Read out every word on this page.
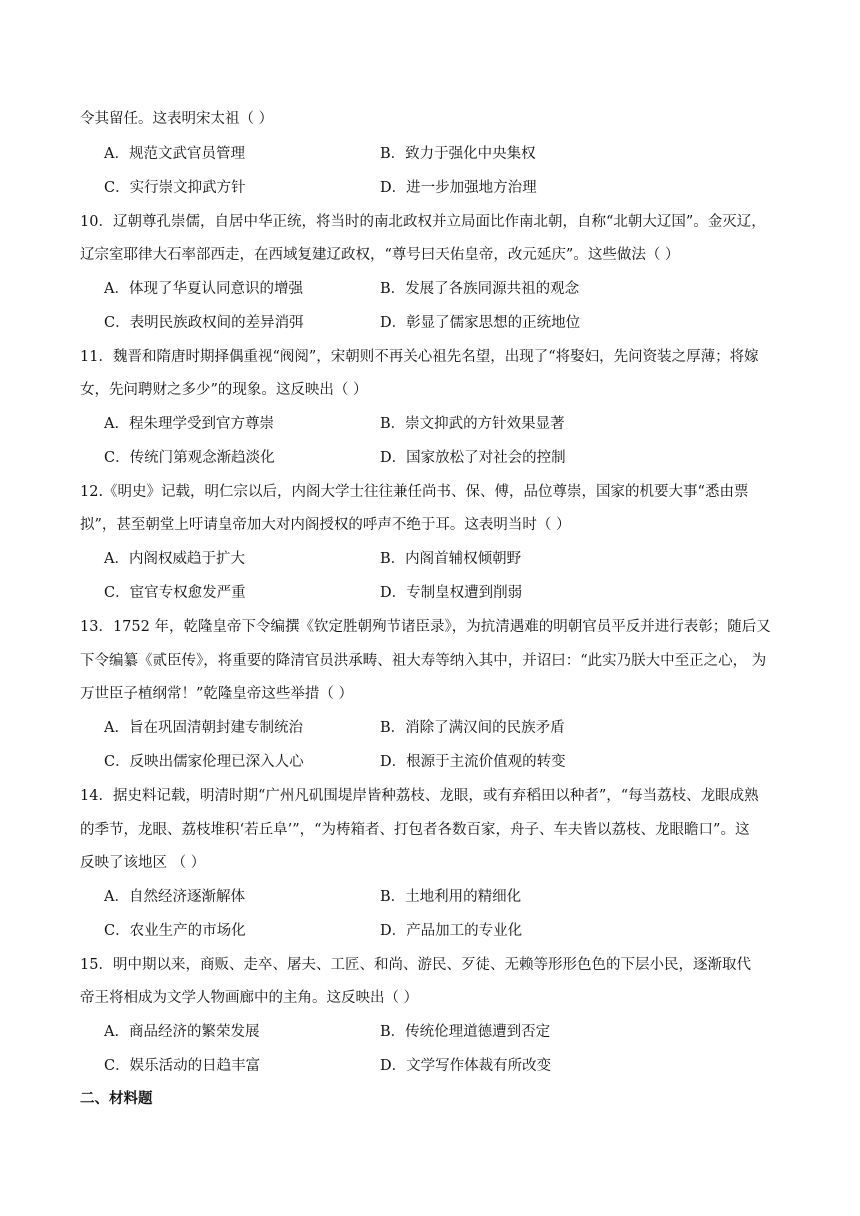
令其留任。这表明宋太祖（ ）
A．规范文武官员管理	B．致力于强化中央集权
C．实行崇文抑武方针	D．进一步加强地方治理
10．辽朝尊孔崇儒，自居中华正统，将当时的南北政权并立局面比作南北朝，自称“北朝大辽国”。金灭辽，
辽宗室耶律大石率部西走，在西域复建辽政权，“尊号曰天佑皇帝，改元延庆”。这些做法（ ）
A．体现了华夏认同意识的增强	B．发展了各族同源共祖的观念
C．表明民族政权间的差异消弭	D．彰显了儒家思想的正统地位
11．魏晋和隋唐时期择偶重视“阀阅”，宋朝则不再关心祖先名望，出现了“将娶妇，先问资装之厚薄；将嫁
女，先问聘财之多少”的现象。这反映出（ ）
A．程朱理学受到官方尊崇	B．崇文抑武的方针效果显著
C．传统门第观念渐趋淡化	D．国家放松了对社会的控制
12.《明史》记载，明仁宗以后，内阁大学士往往兼任尚书、保、傅，品位尊崇，国家的机要大事“悉由票
拟”，甚至朝堂上吁请皇帝加大对内阁授权的呼声不绝于耳。这表明当时（ ）
A．内阁权威趋于扩大	B．内阁首辅权倾朝野
C．宦官专权愈发严重	D．专制皇权遭到削弱
13．1752 年，乾隆皇帝下令编撰《钦定胜朝殉节诸臣录》，为抗清遇难的明朝官员平反并进行表彰；随后又
下令编纂《贰臣传》，将重要的降清官员洪承畴、祖大寿等纳入其中，并诏曰：“此实乃朕大中至正之心， 为
万世臣子植纲常！”乾隆皇帝这些举措（ ）
A．旨在巩固清朝封建专制统治	B．消除了满汉间的民族矛盾
C．反映出儒家伦理已深入人心	D．根源于主流价值观的转变
14．据史料记载，明清时期“广州凡矶围堤岸皆种荔枝、龙眼，或有弃稻田以种者”，“每当荔枝、龙眼成熟
的季节，龙眼、荔枝堆积‘若丘阜’”，“为梼箱者、打包者各数百家，舟子、车夫皆以荔枝、龙眼瞻口”。这
反映了该地区 （ ）
A．自然经济逐渐解体	B．土地利用的精细化
C．农业生产的市场化	D．产品加工的专业化
15．明中期以来，商贩、走卒、屠夫、工匠、和尚、游民、歹徒、无赖等形形色色的下层小民，逐渐取代
帝王将相成为文学人物画廊中的主角。这反映出（ ）
A．商品经济的繁荣发展	B．传统伦理道德遭到否定
C．娱乐活动的日趋丰富	D．文学写作体裁有所改变
二、材料题
